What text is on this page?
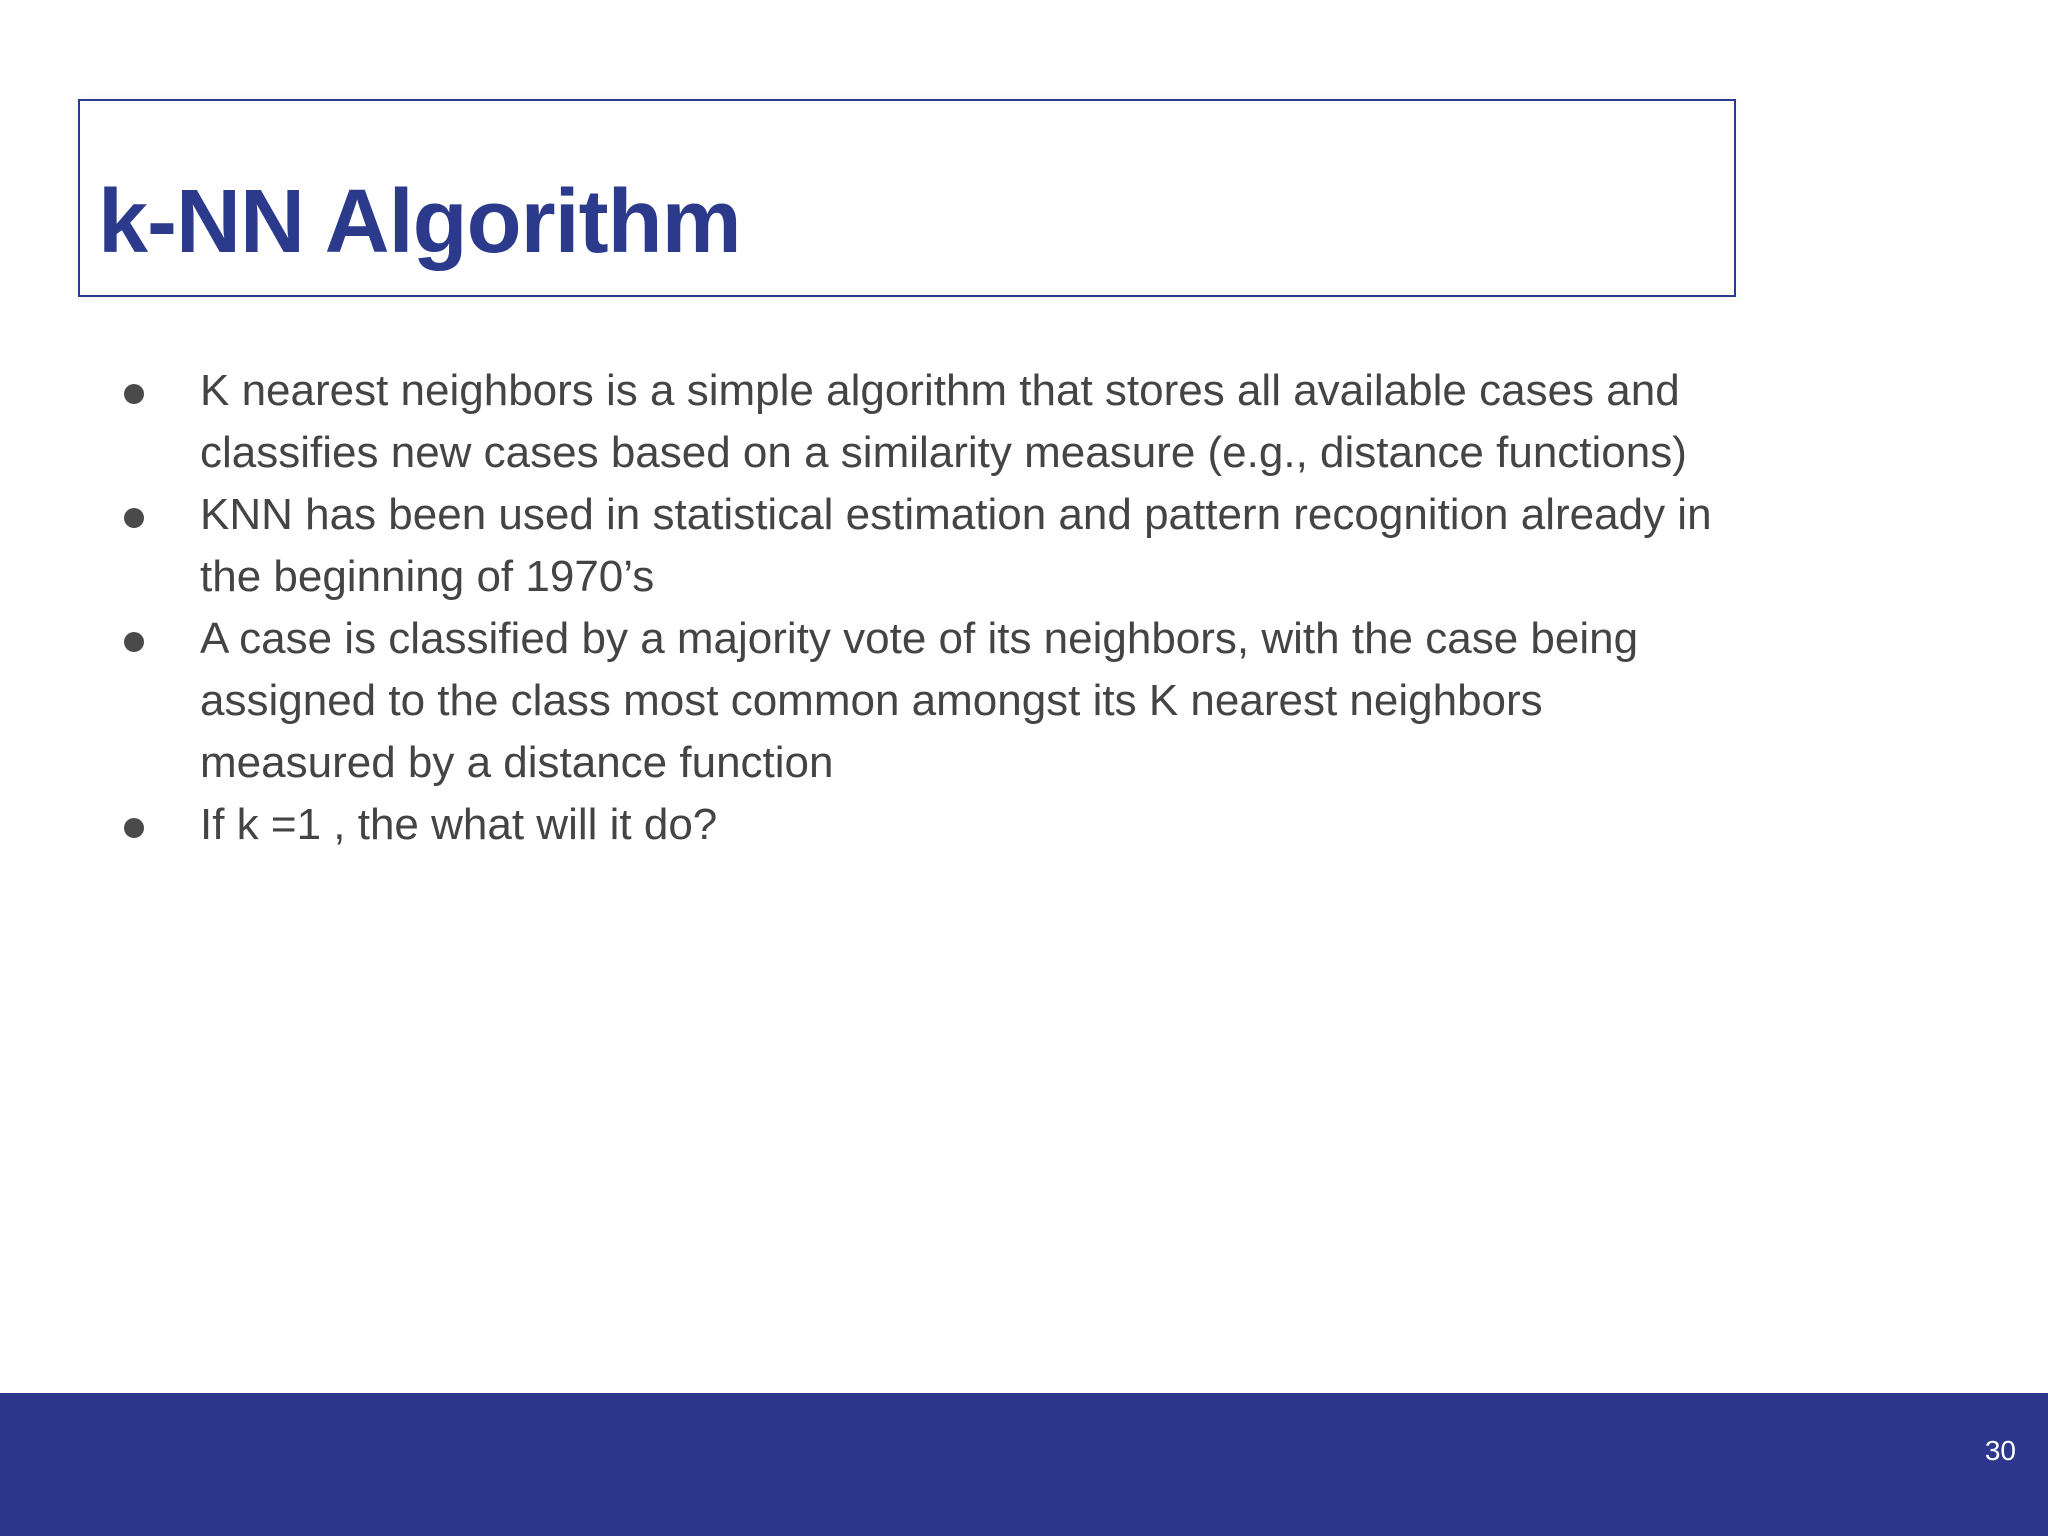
k-NN Algorithm
K nearest neighbors is a simple algorithm that stores all available cases and classifies new cases based on a similarity measure (e.g., distance functions)
KNN has been used in statistical estimation and pattern recognition already in the beginning of 1970’s
A case is classified by a majority vote of its neighbors, with the case being assigned to the class most common amongst its K nearest neighbors measured by a distance function
If k =1 , the what will it do?
30
